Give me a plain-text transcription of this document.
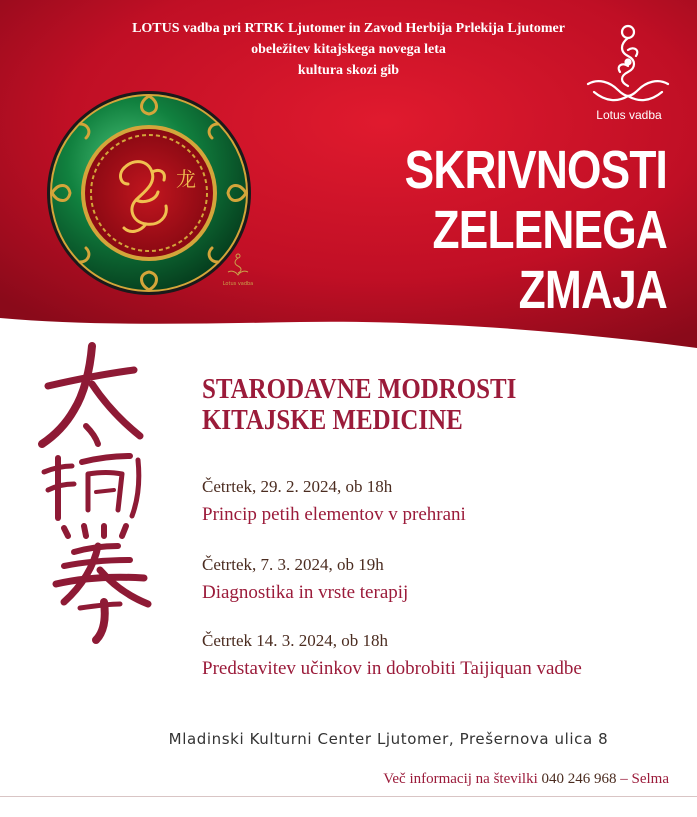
LOTUS vadba pri RTRK Ljutomer in Zavod Herbija Prlekija Ljutomer
obeležitev kitajskega novega leta
kultura skozi gib
Lotus vadba
SKRIVNOSTI
ZELENEGA
ZMAJA
龙
Lotus vadba
STARODAVNE MODROSTI
KITAJSKE MEDICINE
Četrtek, 29. 2. 2024, ob 18h
Princip petih elementov v prehrani
Četrtek, 7. 3. 2024, ob 19h
Diagnostika in vrste terapij
Četrtek 14. 3. 2024, ob 18h
Predstavitev učinkov in dobrobiti Taijiquan vadbe
Mladinski Kulturni Center Ljutomer, Prešernova ulica 8
Več informacij na številki 040 246 968 – Selma
